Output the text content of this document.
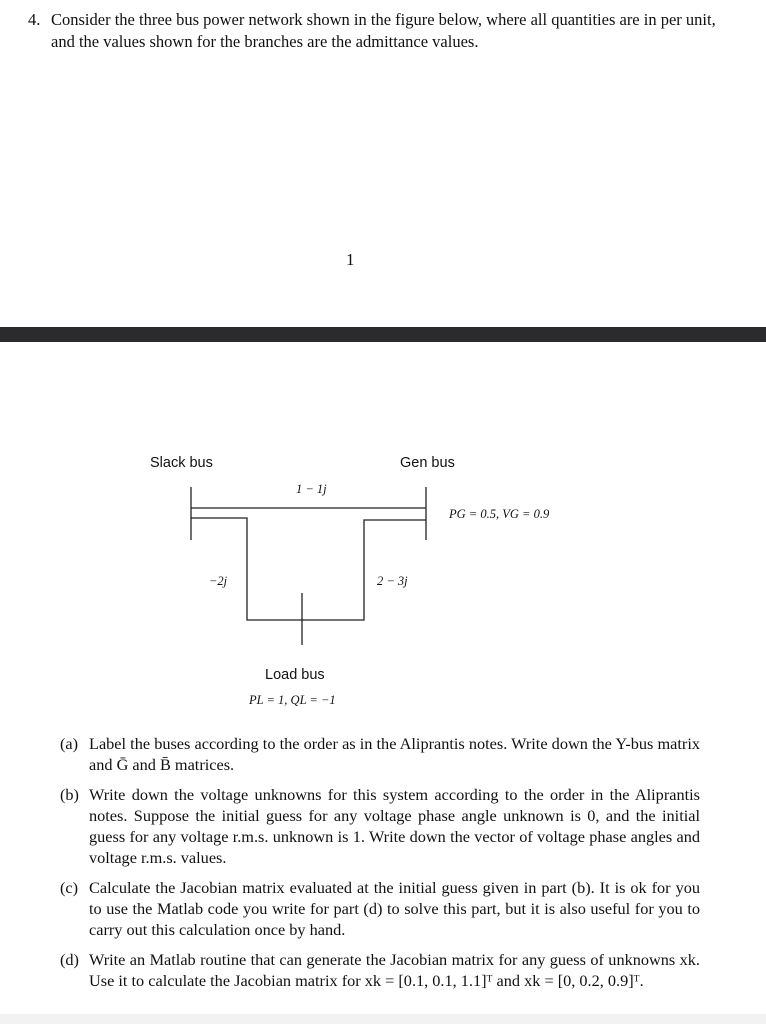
4. Consider the three bus power network shown in the figure below, where all quantities are in per unit, and the values shown for the branches are the admittance values.
1
Slack bus	Gen bus
Load bus
1 − 1j
−2j	2 − 3j
PG = 0.5, VG = 0.9
PL = 1, QL = −1
(a) Label the buses according to the order as in the Aliprantis notes. Write down the Y-bus matrix and Ḡ and B̄ matrices.
(b) Write down the voltage unknowns for this system according to the order in the Aliprantis notes. Suppose the initial guess for any voltage phase angle unknown is 0, and the initial guess for any voltage r.m.s. unknown is 1. Write down the vector of voltage phase angles and voltage r.m.s. values.
(c) Calculate the Jacobian matrix evaluated at the initial guess given in part (b). It is ok for you to use the Matlab code you write for part (d) to solve this part, but it is also useful for you to carry out this calculation once by hand.
(d) Write an Matlab routine that can generate the Jacobian matrix for any guess of unknowns xk. Use it to calculate the Jacobian matrix for xk = [0.1, 0.1, 1.1]ᵀ and xk = [0, 0.2, 0.9]ᵀ.
